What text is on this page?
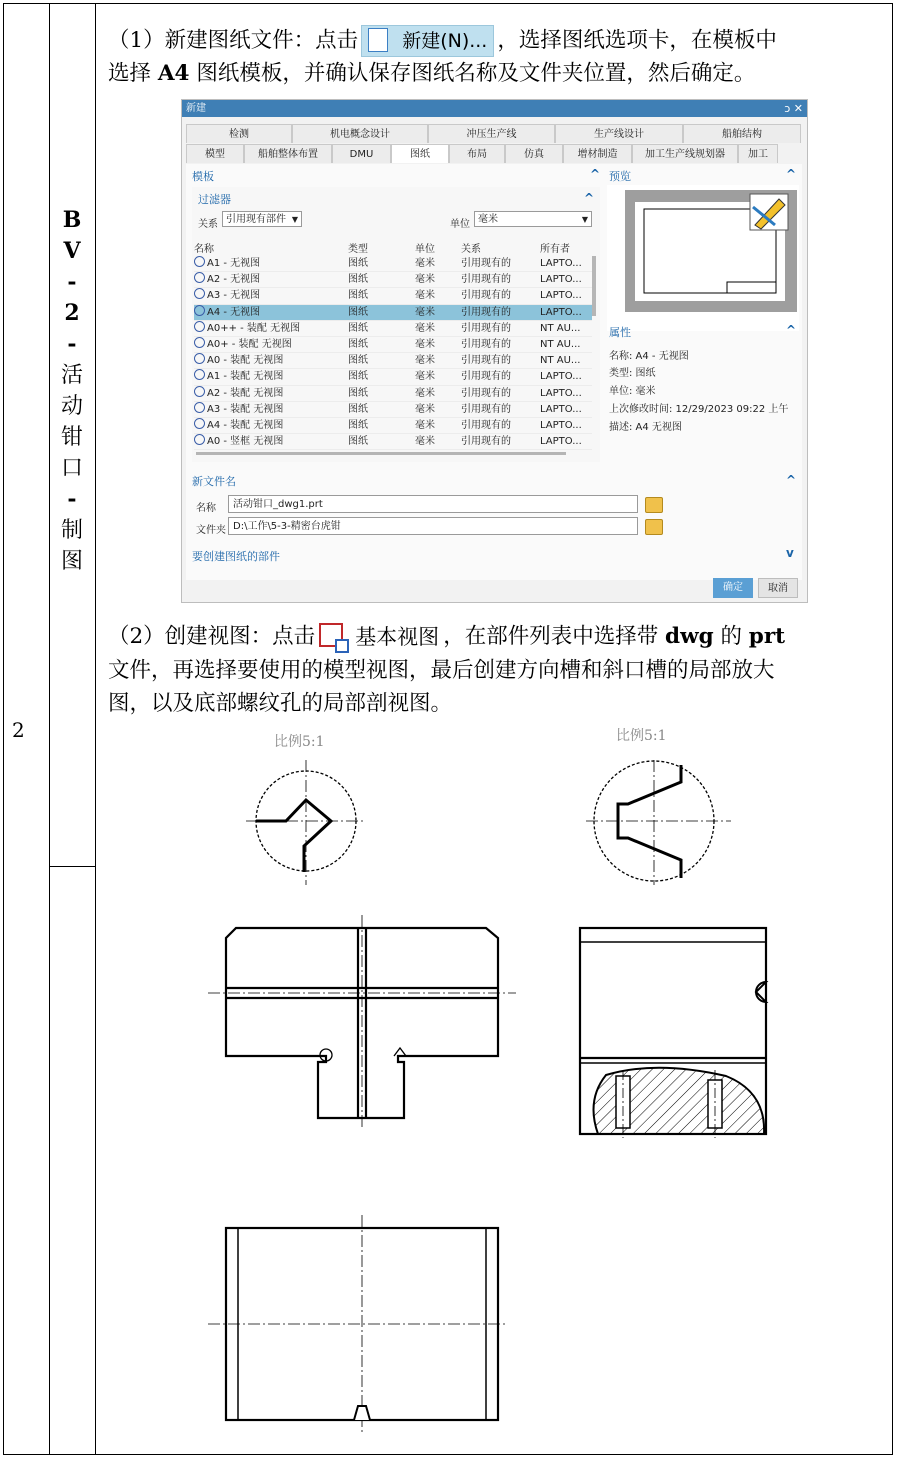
2
B
V
-
2
-
活
动
钳
口
-
制
图
（1）新建图纸文件：点击 新建(N)... ，选择图纸选项卡，在模板中
选择 A4 图纸模板，并确认保存图纸名称及文件夹位置，然后确定。
新建	ↄ ✕
检测	机电概念设计	冲压生产线	生产线设计	船舶结构
模型	船舶整体布置	DMU	图纸	布局	仿真	增材制造	加工生产线规划器	加工
模板	^
过滤器	^
关系 引用现有部件 ▼	单位 毫米	▼
名称	类型	单位	关系	所有者
A1 - 无视图	图纸	毫米	引用现有的	LAPTO...
A2 - 无视图	图纸	毫米	引用现有的	LAPTO...
A3 - 无视图	图纸	毫米	引用现有的	LAPTO...
A4 - 无视图	图纸	毫米	引用现有的	LAPTO...
A0++ - 装配 无视图	图纸	毫米	引用现有的	NT AU...
A0+ - 装配 无视图	图纸	毫米	引用现有的	NT AU...
A0 - 装配 无视图	图纸	毫米	引用现有的	NT AU...
A1 - 装配 无视图	图纸	毫米	引用现有的	LAPTO...
A2 - 装配 无视图	图纸	毫米	引用现有的	LAPTO...
A3 - 装配 无视图	图纸	毫米	引用现有的	LAPTO...
A4 - 装配 无视图	图纸	毫米	引用现有的	LAPTO...
A0 - 竖框 无视图	图纸	毫米	引用现有的	LAPTO...
预览	^
属性	^
名称: A4 - 无视图
类型: 图纸
单位: 毫米
上次修改时间: 12/29/2023 09:22 上午
描述: A4 无视图
新文件名	^
名称	活动钳口_dwg1.prt
文件夹 D:\工作\5-3-精密台虎钳
要创建图纸的部件	v
确定	取消
（2）创建视图：点击 基本视图 ，在部件列表中选择带 dwg 的 prt
文件，再选择要使用的模型视图，最后创建方向槽和斜口槽的局部放大
图，以及底部螺纹孔的局部剖视图。
比例5:1	比例5:1
